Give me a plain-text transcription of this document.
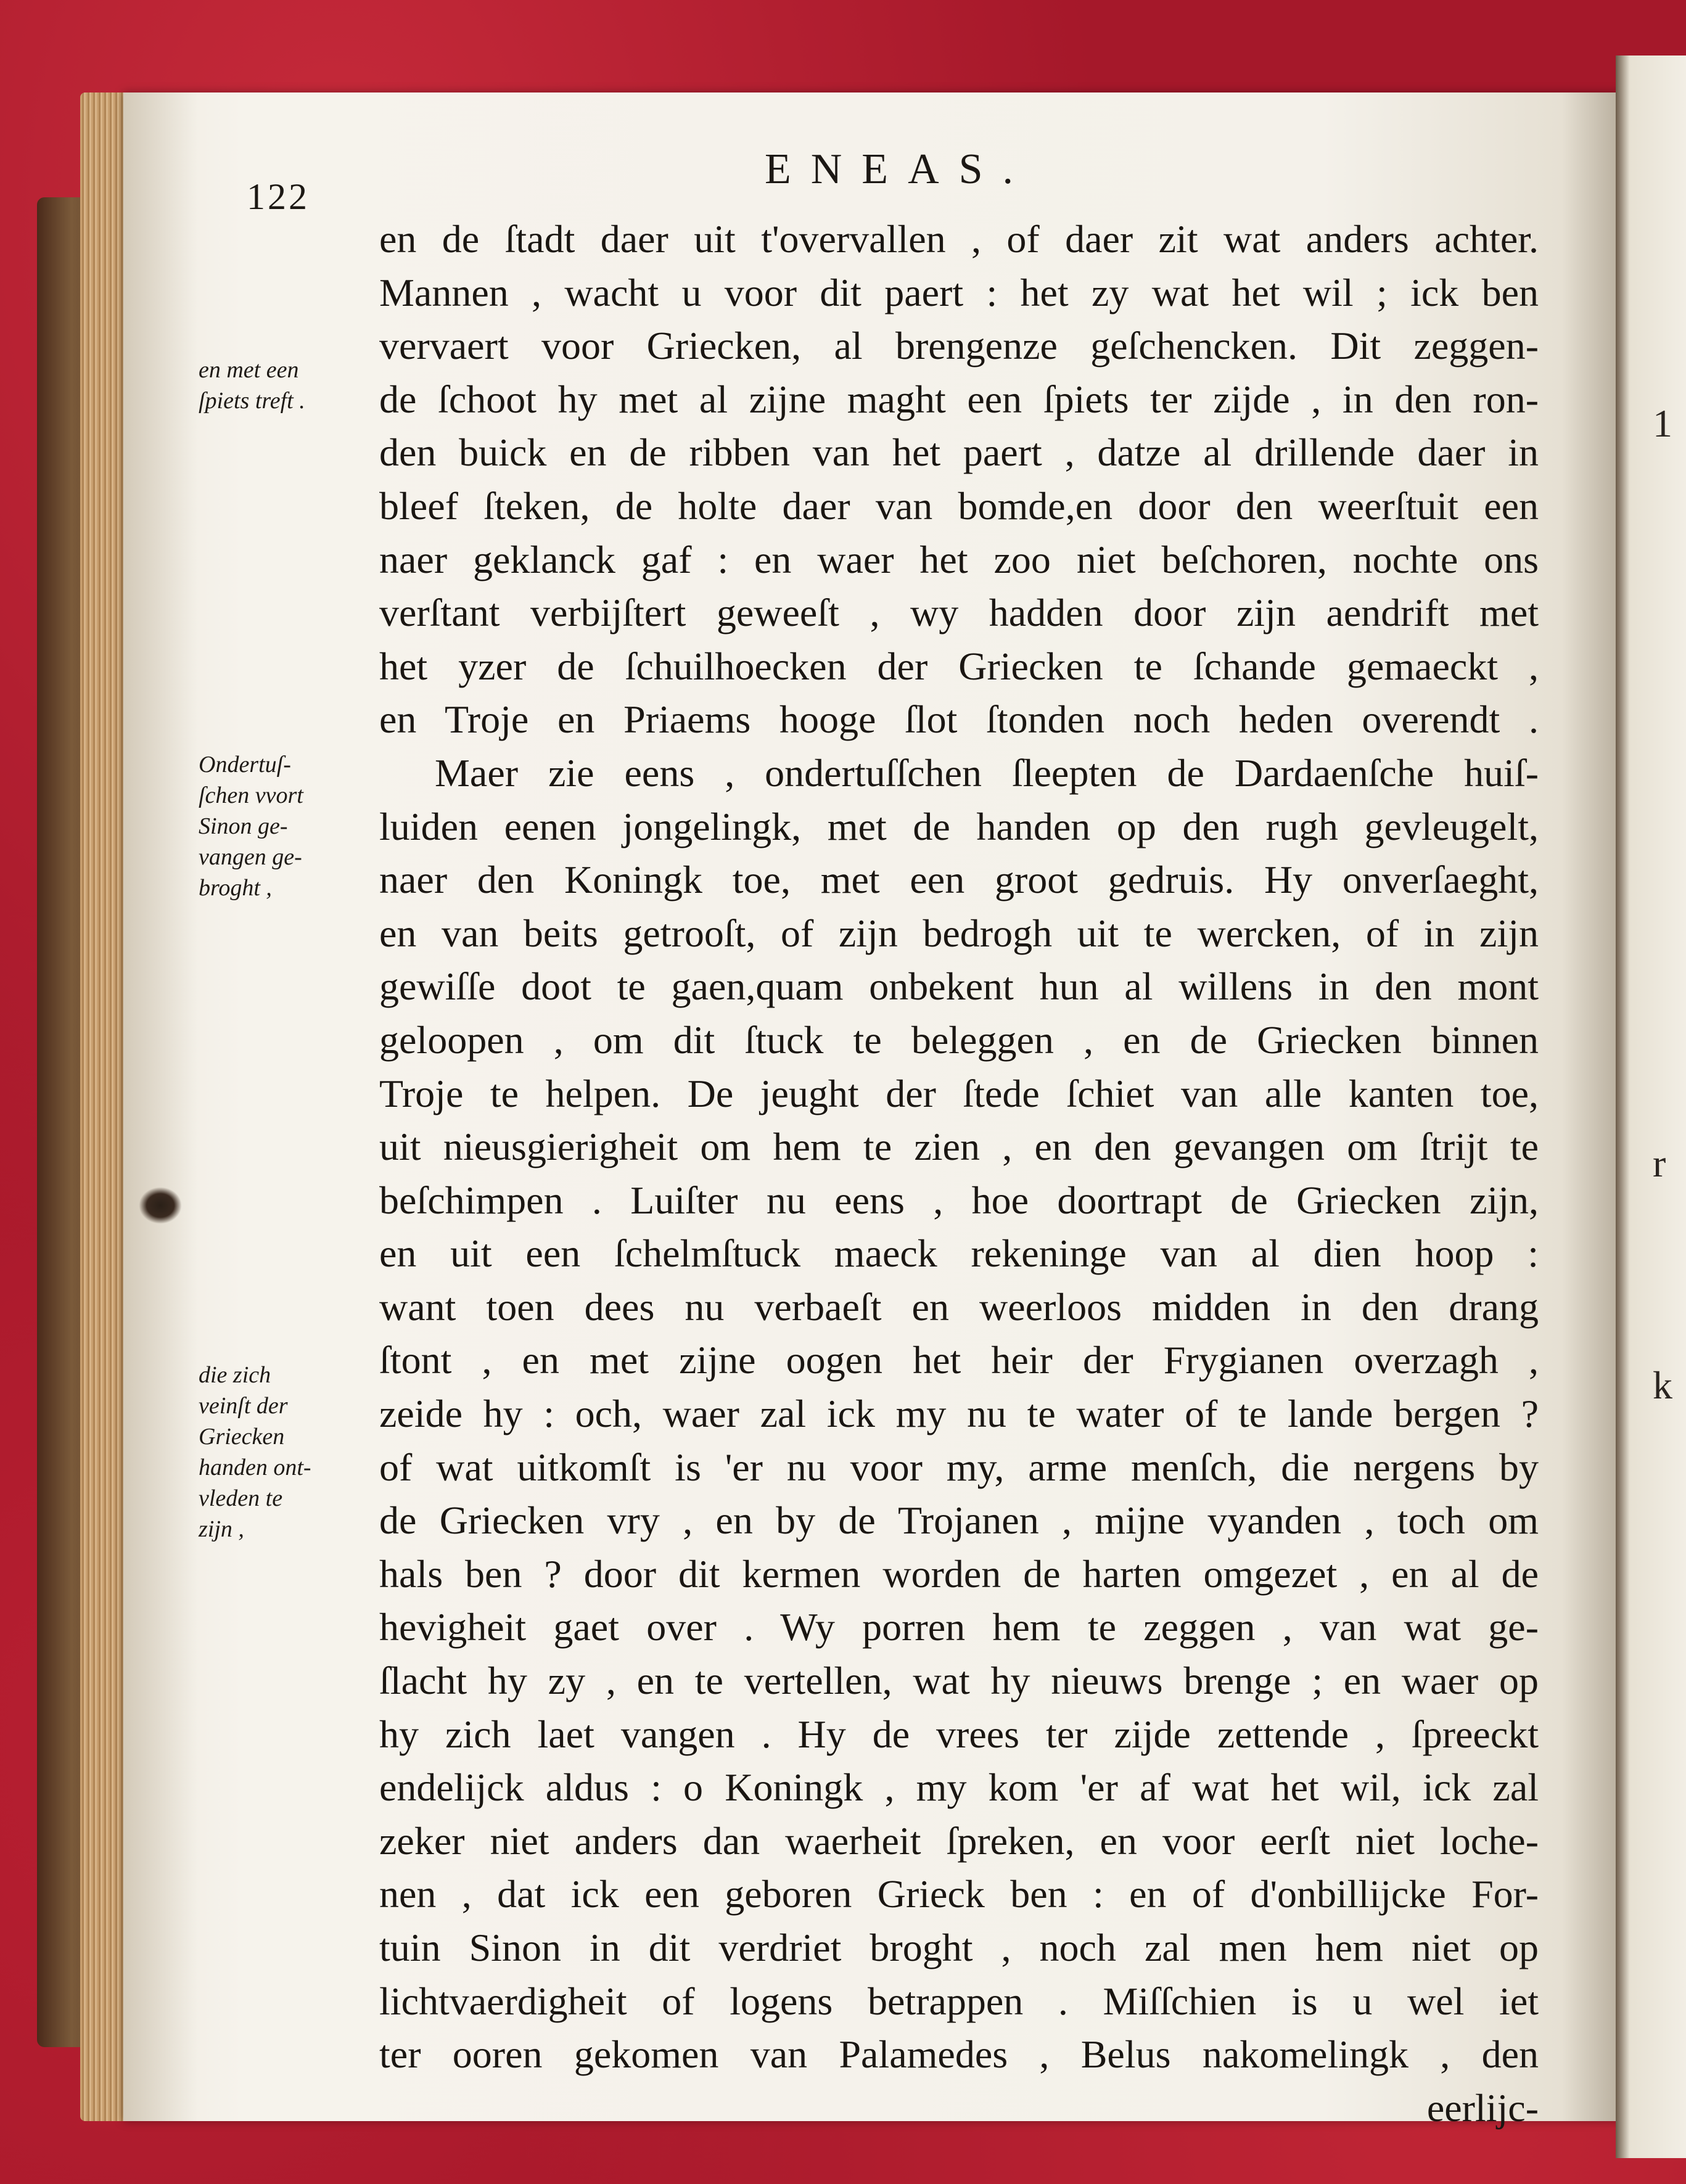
1
r
k
122
ENEAS.
en met een
ſpiets treft .
Ondertuſ-
ſchen vvort
Sinon ge-
vangen ge-
broght ,
die zich
veinſt der
Griecken
handen ont-
vleden te
zijn ,
en de ſtadt daer uit t'overvallen , of daer zit wat anders achter.
Mannen , wacht u voor dit paert : het zy wat het wil ; ick ben
vervaert voor Griecken, al brengenze geſchencken. Dit zeggen-
de ſchoot hy met al zijne maght een ſpiets ter zijde , in den ron-
den buick en de ribben van het paert , datze al drillende daer in
bleef ſteken, de holte daer van bomde,en door den weerſtuit een
naer geklanck gaf : en waer het zoo niet beſchoren, nochte ons
verſtant verbijſtert geweeſt , wy hadden door zijn aendrift met
het yzer de ſchuilhoecken der Griecken te ſchande gemaeckt ,
en Troje en Priaems hooge ſlot ſtonden noch heden overendt .
Maer zie eens , ondertuſſchen ſleepten de Dardaenſche huiſ-
luiden eenen jongelingk, met de handen op den rugh gevleugelt,
naer den Koningk toe, met een groot gedruis. Hy onverſaeght,
en van beits getrooſt, of zijn bedrogh uit te wercken, of in zijn
gewiſſe doot te gaen,quam onbekent hun al willens in den mont
geloopen , om dit ſtuck te beleggen , en de Griecken binnen
Troje te helpen. De jeught der ſtede ſchiet van alle kanten toe,
uit nieusgierigheit om hem te zien , en den gevangen om ſtrijt te
beſchimpen . Luiſter nu eens , hoe doortrapt de Griecken zijn,
en uit een ſchelmſtuck maeck rekeninge van al dien hoop :
want toen dees nu verbaeſt en weerloos midden in den drang
ſtont , en met zijne oogen het heir der Frygianen overzagh ,
zeide hy : och, waer zal ick my nu te water of te lande bergen ?
of wat uitkomſt is 'er nu voor my, arme menſch, die nergens by
de Griecken vry , en by de Trojanen , mijne vyanden , toch om
hals ben ? door dit kermen worden de harten omgezet , en al de
hevigheit gaet over . Wy porren hem te zeggen , van wat ge-
ſlacht hy zy , en te vertellen, wat hy nieuws brenge ; en waer op
hy zich laet vangen . Hy de vrees ter zijde zettende , ſpreeckt
endelijck aldus : o Koningk , my kom 'er af wat het wil, ick zal
zeker niet anders dan waerheit ſpreken, en voor eerſt niet loche-
nen , dat ick een geboren Grieck ben : en of d'onbillijcke For-
tuin Sinon in dit verdriet broght , noch zal men hem niet op
lichtvaerdigheit of logens betrappen . Miſſchien is u wel iet
ter ooren gekomen van Palamedes , Belus nakomelingk , den
eerlijc-
